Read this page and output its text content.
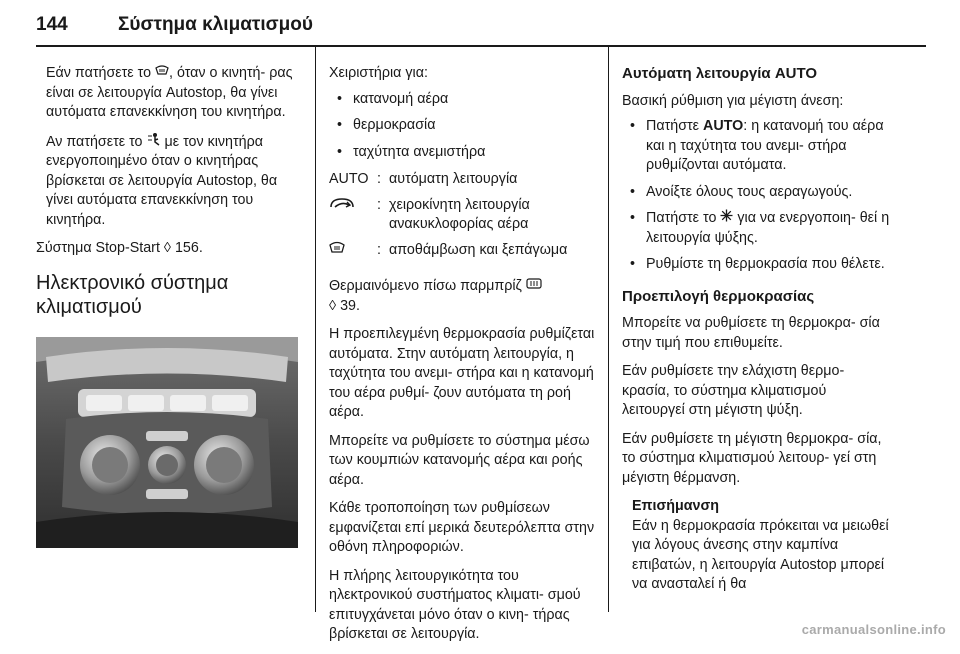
144	Σύστημα κλιματισμού

Εάν πατήσετε το , όταν ο κινητή- ρας είναι σε λειτουργία Autostop, θα γίνει αυτόματα επανεκκίνηση του κινητήρα.

Αν πατήσετε το με τον κινητήρα ενεργοποιημένο όταν ο κινητήρας βρίσκεται σε λειτουργία Autostop, θα γίνει αυτόματα επανεκκίνηση του κινητήρα.

Σύστημα Stop-Start ◊ 156.

Ηλεκτρονικό σύστημα κλιματισμού

Χειριστήρια για:

• κατανομή αέρα
• θερμοκρασία
• ταχύτητα ανεμιστήρα
AUTO	:	αυτόματη λειτουργία
	:	χειροκίνητη λειτουργία ανακυκλοφορίας αέρα
	:	αποθάμβωση και ξεπάγωμα

Θερμαινόμενο πίσω παρμπρίζ
◊ 39.

Η προεπιλεγμένη θερμοκρασία ρυθμίζεται αυτόματα. Στην αυτόματη λειτουργία, η ταχύτητα του ανεμι- στήρα και η κατανομή του αέρα ρυθμί- ζουν αυτόματα τη ροή αέρα.

Μπορείτε να ρυθμίσετε το σύστημα μέσω των κουμπιών κατανομής αέρα και ροής αέρα.

Κάθε τροποποίηση των ρυθμίσεων εμφανίζεται επί μερικά δευτερόλεπτα στην οθόνη πληροφοριών.

Η πλήρης λειτουργικότητα του ηλεκτρονικού συστήματος κλιματι- σμού επιτυγχάνεται μόνο όταν ο κινη- τήρας βρίσκεται σε λειτουργία.

Αυτόματη λειτουργία AUTO

Βασική ρύθμιση για μέγιστη άνεση:

• Πατήστε AUTO: η κατανομή του αέρα και η ταχύτητα του ανεμι- στήρα ρυθμίζονται αυτόματα.
• Ανοίξτε όλους τους αεραγωγούς.
• Πατήστε το για να ενεργοποιη- θεί η λειτουργία ψύξης.
• Ρυθμίστε τη θερμοκρασία που θέλετε.
Προεπιλογή θερμοκρασίας

Μπορείτε να ρυθμίσετε τη θερμοκρα- σία στην τιμή που επιθυμείτε.

Εάν ρυθμίσετε την ελάχιστη θερμο- κρασία, το σύστημα κλιματισμού λειτουργεί στη μέγιστη ψύξη.

Εάν ρυθμίσετε τη μέγιστη θερμοκρα- σία, το σύστημα κλιματισμού λειτουρ- γεί στη μέγιστη θέρμανση.

Επισήμανση
Εάν η θερμοκρασία πρόκειται να μειωθεί για λόγους άνεσης στην καμπίνα επιβατών, η λειτουργία Autostop μπορεί να ανασταλεί ή θα
carmanualsonline.info
